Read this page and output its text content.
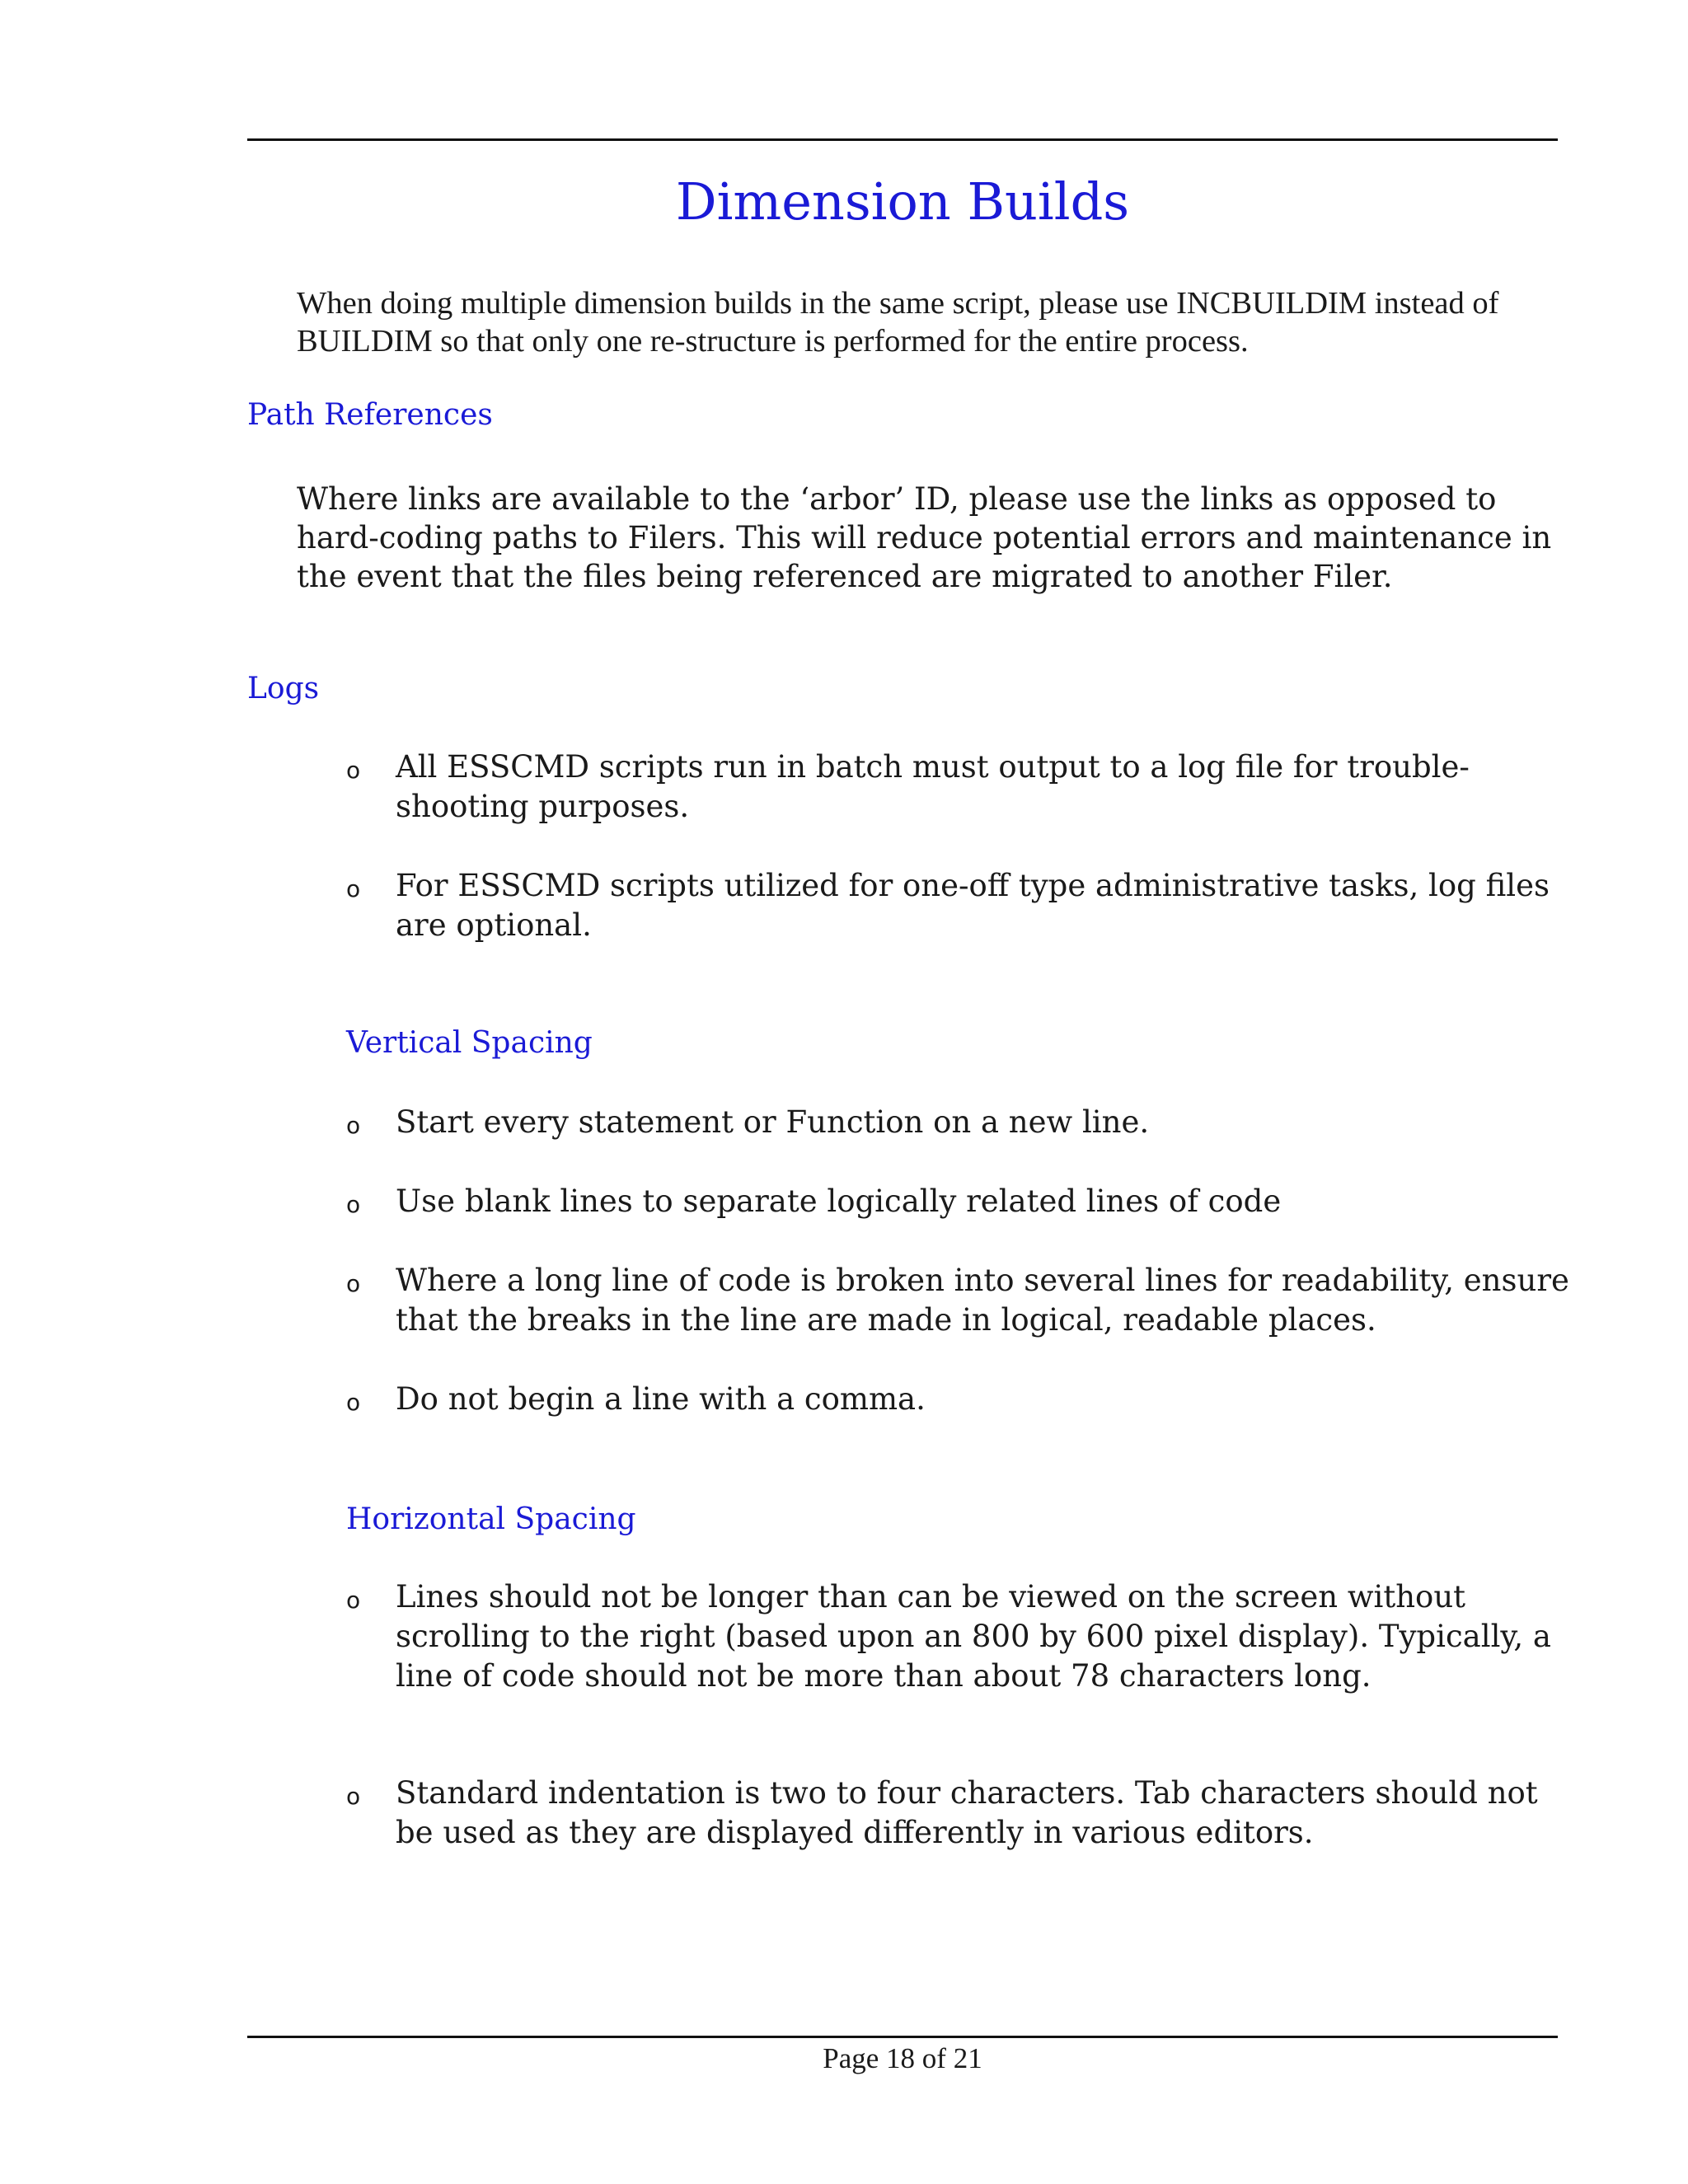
Dimension Builds

When doing multiple dimension builds in the same script, please use INCBUILDIM instead of BUILDIM so that only one re-structure is performed for the entire process.

Path References

Where links are available to the ‘arbor’ ID, please use the links as opposed to hard-coding paths to Filers. This will reduce potential errors and maintenance in the event that the files being referenced are migrated to another Filer.

Logs
o All ESSCMD scripts run in batch must output to a log file for trouble-shooting purposes.
o For ESSCMD scripts utilized for one-off type administrative tasks, log files are optional.
Vertical Spacing
o Start every statement or Function on a new line.
o Use blank lines to separate logically related lines of code
o Where a long line of code is broken into several lines for readability, ensure that the breaks in the line are made in logical, readable places.
o Do not begin a line with a comma.
Horizontal Spacing
o Lines should not be longer than can be viewed on the screen without scrolling to the right (based upon an 800 by 600 pixel display). Typically, a line of code should not be more than about 78 characters long.
o Standard indentation is two to four characters. Tab characters should not be used as they are displayed differently in various editors.

Page 18 of 21
